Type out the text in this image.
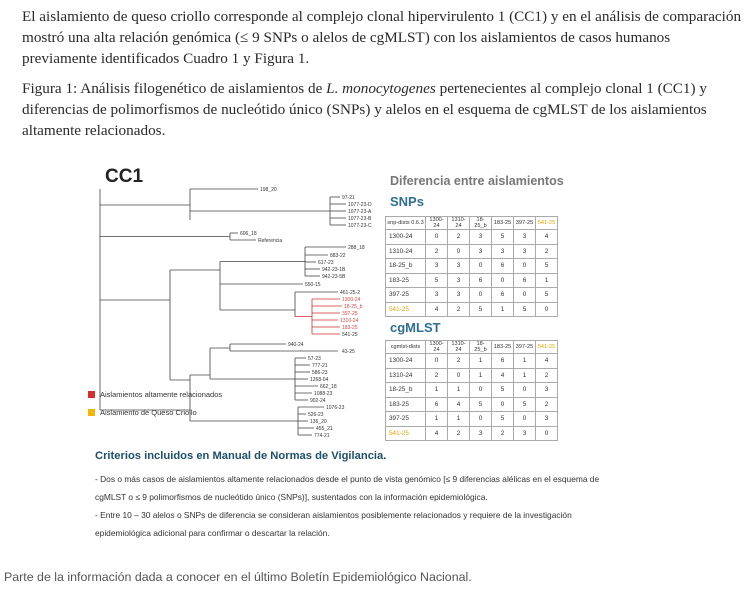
El aislamiento de queso criollo corresponde al complejo clonal hipervirulento 1 (CC1) y en el análisis de comparación mostró una alta relación genómica (≤ 9 SNPs o alelos de cgMLST) con los aislamientos de casos humanos previamente identificados Cuadro 1 y Figura 1.

Figura 1: Análisis filogenético de aislamientos de L. monocytogenes pertenecientes al complejo clonal 1 (CC1) y diferencias de polimorfismos de nucleótido único (SNPs) y alelos en el esquema de cgMLST de los aislamientos altamente relacionados.

CC1
198_20
97-21
1077-23-D
1077-23-A
1077-23-B
1077-23-C
606_18
Referencia
288_18
883-22
617-23
942-23-1B
942-23-5B
550-15
461-25-2
1300-24
18-25_b
397-25
1310-24
183-25
541-25
940-24
43-25
57-23
777-21
586-23
1268-04
662_18
1088-23
902-24
1076-23
526-23
136_20
455_21
774-21
Aislamientos altamente relacionados
Aislamiento de Queso Criollo
Diferencia entre aislamientos
SNPs
snp-dists 0.6.3	1300-24	1310-24	18-25_b	183-25	397-25	541-25
1300-24	0	2	3	5	3	4
1310-24	2	0	3	3	3	2
18-25_b	3	3	0	6	0	5
183-25	5	3	6	0	6	1
397-25	3	3	0	6	0	5
541-25	4	2	5	1	5	0
cgMLST
cgmlst-dists	1300-24	1310-24	18-25_b	183-25	397-25	541-25
1300-24	0	2	1	6	1	4
1310-24	2	0	1	4	1	2
18-25_b	1	1	0	5	0	3
183-25	6	4	5	0	5	2
397-25	1	1	0	5	0	3
541-25	4	2	3	2	3	0
Criterios incluidos en Manual de Normas de Vigilancia.

- Dos o más casos de aislamientos altamente relacionados desde el punto de vista genómico [≤ 9 diferencias alélicas en el esquema de cgMLST o ≤ 9 polimorfismos de nucleótido único (SNPs)], sustentados con la información epidemiológica.

- Entre 10 – 30 alelos o SNPs de diferencia se consideran aislamientos posiblemente relacionados y requiere de la investigación epidemiológica adicional para confirmar o descartar la relación.

Parte de la información dada a conocer en el último Boletín Epidemiológico Nacional.
